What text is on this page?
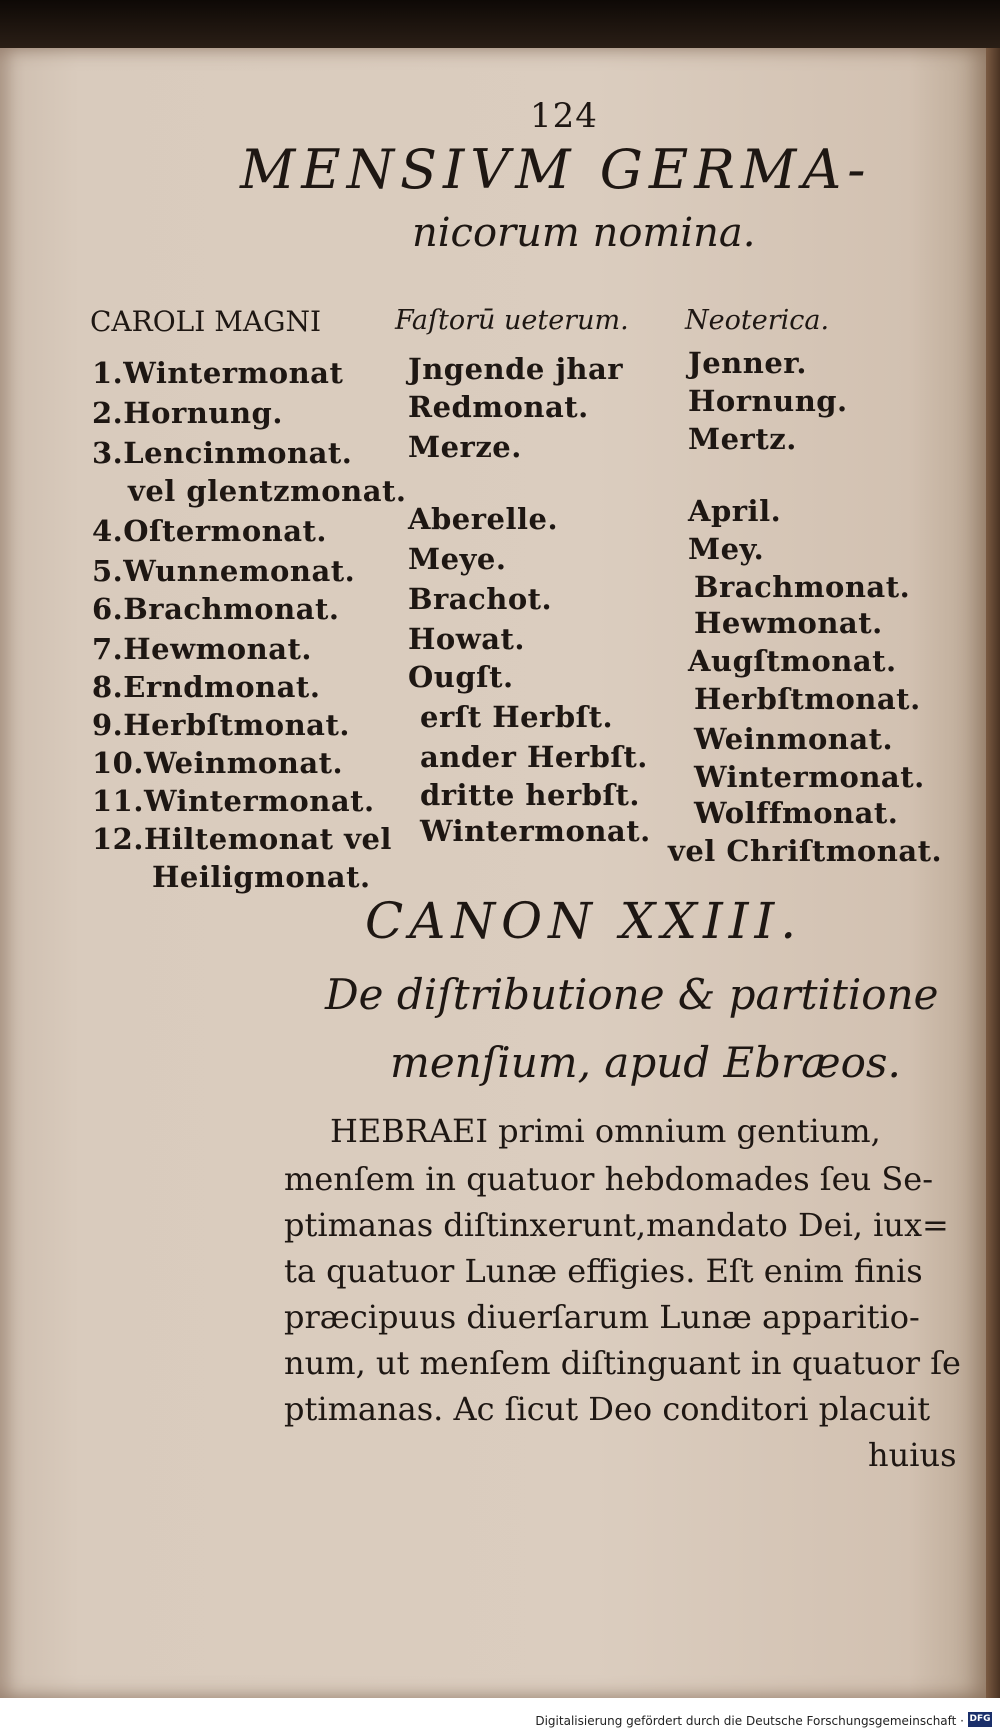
124
MENSIVM GERMA-
nicorum nomina.
CAROLI MAGNI	Faſtorū ueterum. Neoterica.
1.Wintermonat
2.Hornung.
3.Lencinmonat.
vel glentzmonat.
4.Oſtermonat.
5.Wunnemonat.
6.Brachmonat.
7.Hewmonat.
8.Erndmonat.
9.Herbſtmonat.
10.Weinmonat.
11.Wintermonat.
12.Hiltemonat vel
Heiligmonat.
Jngende jhar
Redmonat.
Merze.
Aberelle.
Meye.
Brachot.
Howat.
Ougſt.
erſt Herbſt.
ander Herbſt.
dritte herbſt.
Wintermonat.
Jenner.
Hornung.
Mertz.
April.
Mey.
Brachmonat.
Hewmonat.
Augſtmonat.
Herbſtmonat.
Weinmonat.
Wintermonat.
Wolffmonat.
vel Chriſtmonat.
CANON XXIII.
De diſtributione & partitione
menſium, apud Ebræos.
HEBRAEI primi omnium gentium,
menſem in quatuor hebdomades ſeu Se-
ptimanas diſtinxerunt,mandato Dei, iux=
ta quatuor Lunæ effigies. Eſt enim finis
præcipuus diuerſarum Lunæ apparitio-
num, ut menſem diſtinguant in quatuor ſe
ptimanas. Ac ſicut Deo conditori placuit
huius
Digitalisierung gefördert durch die Deutsche Forschungsgemeinschaft · DFG
